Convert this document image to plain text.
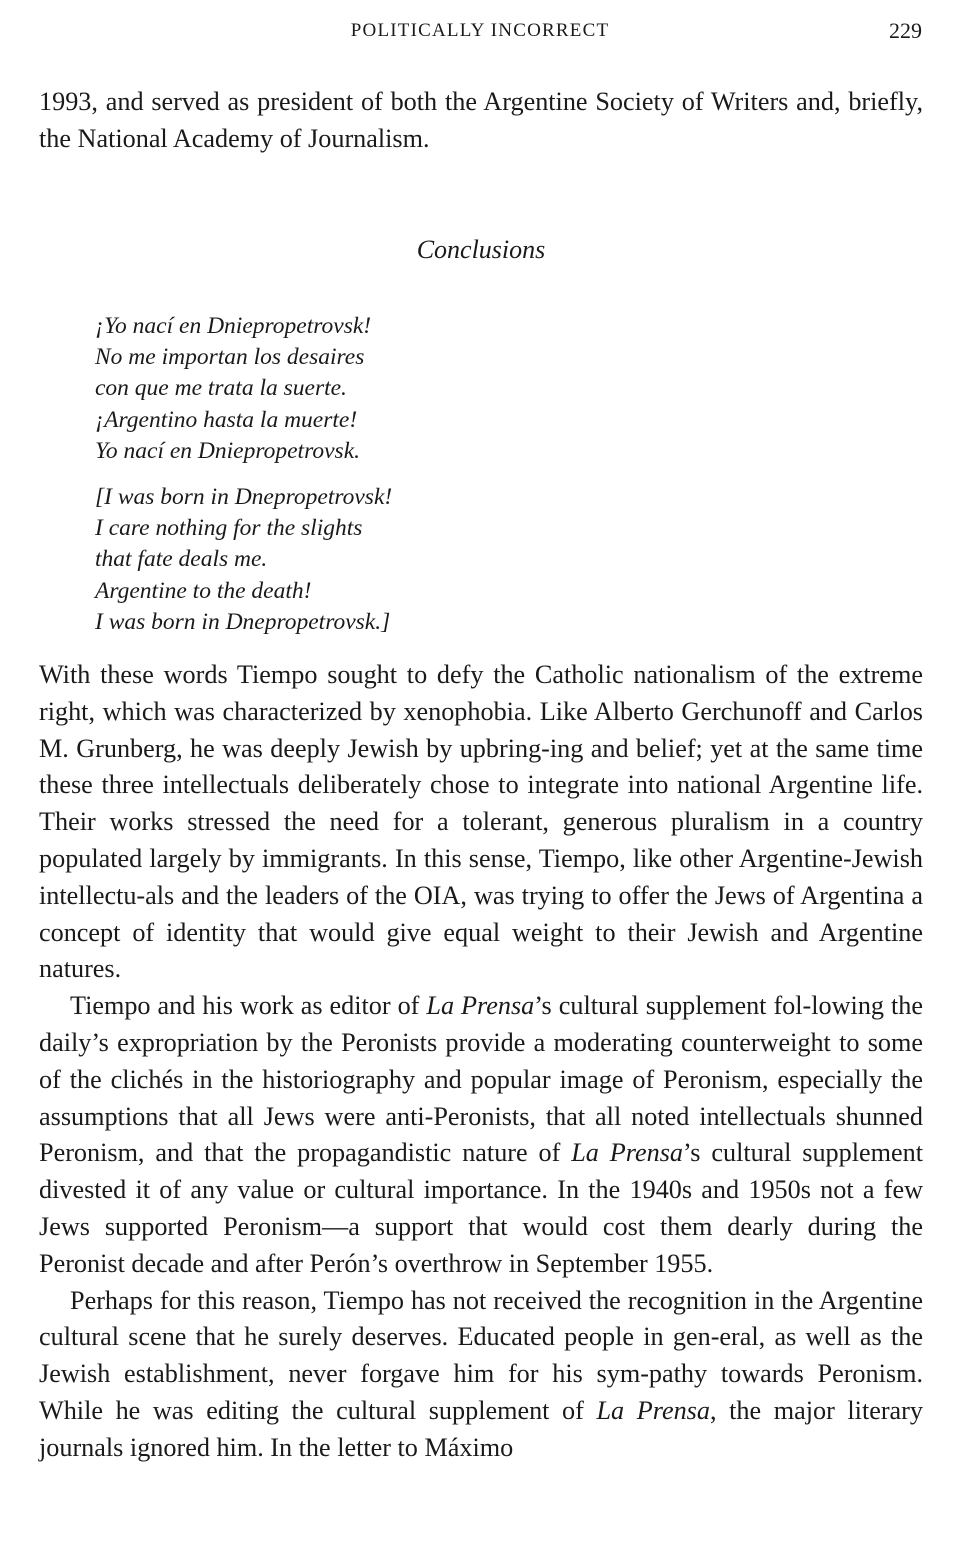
POLITICALLY INCORRECT	229

1993, and served as president of both the Argentine Society of Writers and, briefly, the National Academy of Journalism.

Conclusions
¡Yo nací en Dniepropetrovsk!
No me importan los desaires
con que me trata la suerte.
¡Argentino hasta la muerte!
Yo nací en Dniepropetrovsk.
[I was born in Dnepropetrovsk!
I care nothing for the slights
that fate deals me.
Argentine to the death!
I was born in Dnepropetrovsk.]

With these words Tiempo sought to defy the Catholic nationalism of the extreme right, which was characterized by xenophobia. Like Alberto Gerchunoff and Carlos M. Grunberg, he was deeply Jewish by upbring-ing and belief; yet at the same time these three intellectuals deliberately chose to integrate into national Argentine life. Their works stressed the need for a tolerant, generous pluralism in a country populated largely by immigrants. In this sense, Tiempo, like other Argentine-Jewish intellectu-als and the leaders of the OIA, was trying to offer the Jews of Argentina a concept of identity that would give equal weight to their Jewish and Argentine natures.

Tiempo and his work as editor of La Prensa’s cultural supplement fol-lowing the daily’s expropriation by the Peronists provide a moderating counterweight to some of the clichés in the historiography and popular image of Peronism, especially the assumptions that all Jews were anti-Peronists, that all noted intellectuals shunned Peronism, and that the propagandistic nature of La Prensa’s cultural supplement divested it of any value or cultural importance. In the 1940s and 1950s not a few Jews supported Peronism—a support that would cost them dearly during the Peronist decade and after Perón’s overthrow in September 1955.

Perhaps for this reason, Tiempo has not received the recognition in the Argentine cultural scene that he surely deserves. Educated people in gen-eral, as well as the Jewish establishment, never forgave him for his sym-pathy towards Peronism. While he was editing the cultural supplement of La Prensa, the major literary journals ignored him. In the letter to Máximo
